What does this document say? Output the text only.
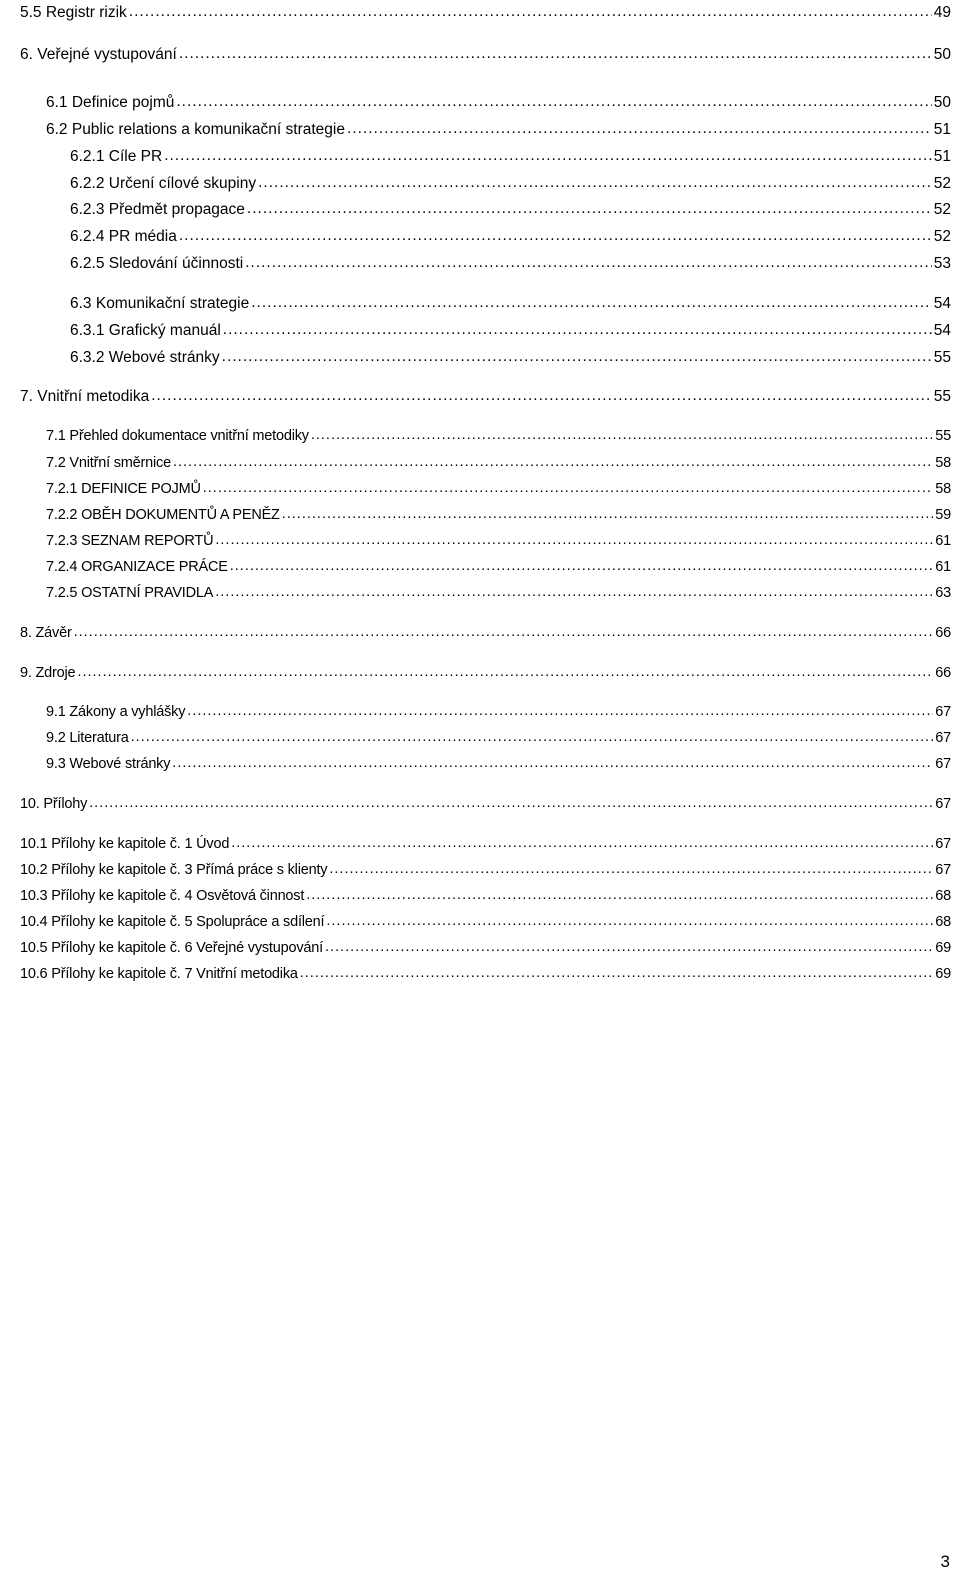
5.5 Registr rizik .....	49
6. Veřejné vystupování .....	50
6.1 Definice pojmů .....	50
6.2 Public relations a komunikační strategie .....	51
6.2.1 Cíle PR .....	51
6.2.2 Určení cílové skupiny .....	52
6.2.3 Předmět propagace .....	52
6.2.4 PR média .....	52
6.2.5 Sledování účinnosti .....	53
6.3 Komunikační strategie .....	54
6.3.1 Grafický manuál .....	54
6.3.2 Webové stránky .....	55
7. Vnitřní metodika .....	55
7.1 Přehled dokumentace vnitřní metodiky .....	55
7.2 Vnitřní směrnice .....	58
7.2.1 DEFINICE POJMŮ .....	58
7.2.2 OBĚH DOKUMENTŮ A PENĚZ .....	59
7.2.3 SEZNAM REPORTŮ .....	61
7.2.4 ORGANIZACE PRÁCE .....	61
7.2.5 OSTATNÍ PRAVIDLA .....	63
8. Závěr .....	66
9. Zdroje .....	66
9.1 Zákony a vyhlášky .....	67
9.2 Literatura .....	67
9.3 Webové stránky .....	67
10. Přílohy .....	67
10.1 Přílohy ke kapitole č. 1 Úvod .....	67
10.2 Přílohy ke kapitole č. 3 Přímá práce s klienty .....	67
10.3 Přílohy ke kapitole č. 4 Osvětová činnost .....	68
10.4 Přílohy ke kapitole č. 5 Spolupráce a sdílení .....	68
10.5 Přílohy ke kapitole č. 6 Veřejné vystupování .....	69
10.6 Přílohy ke kapitole č. 7 Vnitřní metodika .....	69
3
